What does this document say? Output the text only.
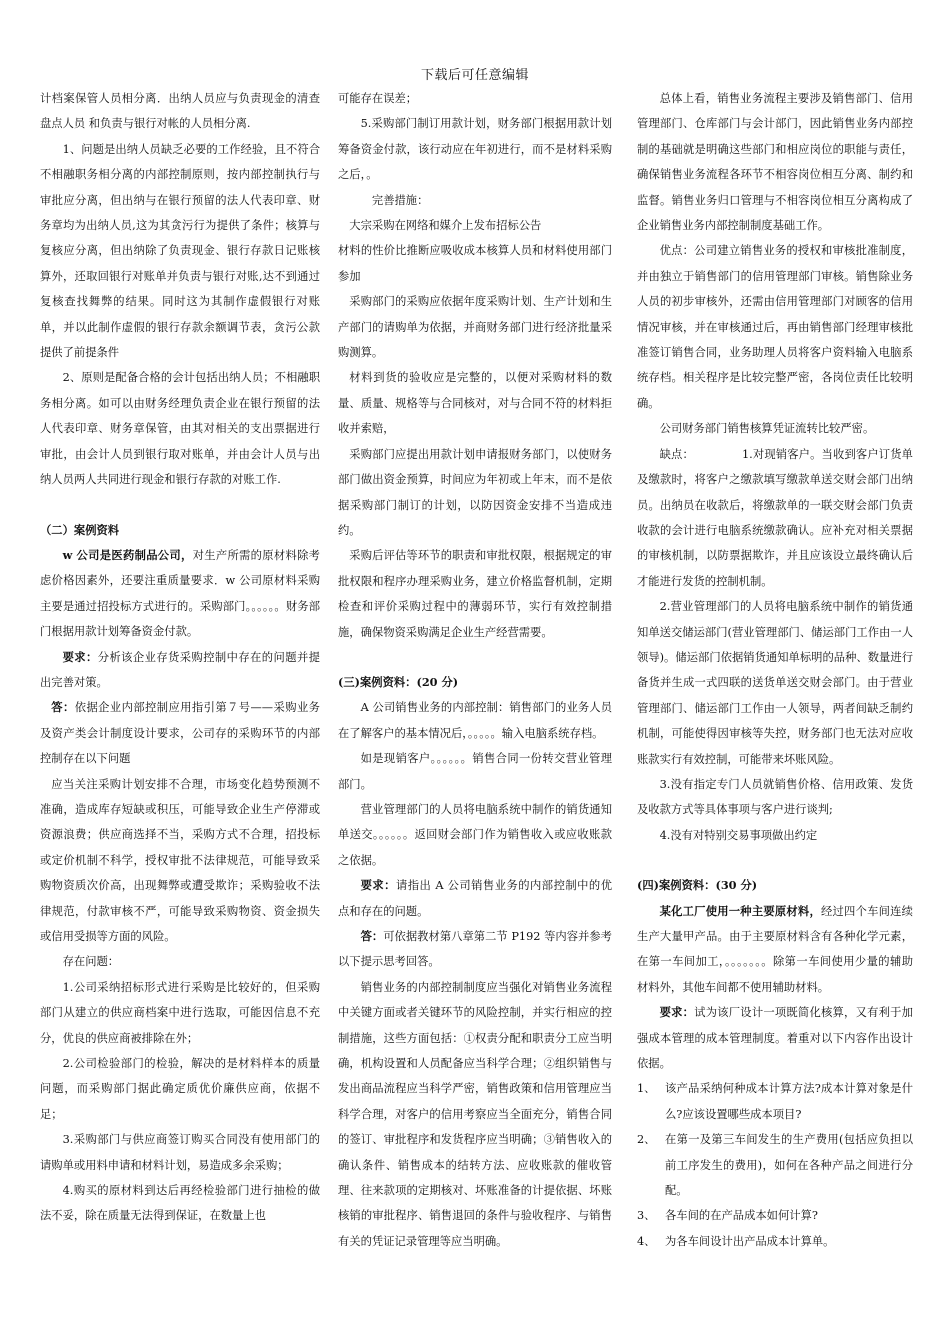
下载后可任意编辑

计档案保管人员相分离．出纳人员应与负责现金的清查盘点人员 和负责与银行对帐的人员相分离.

1、问题是出纳人员缺乏必要的工作经验，且不符合不相融职务相分离的内部控制原则，按内部控制执行与审批应分离，但出纳与在银行预留的法人代表印章、财务章均为出纳人员,这为其贪污行为提供了条件；核算与复核应分离，但出纳除了负责现金、银行存款日记账核算外，还取回银行对账单并负责与银行对账,达不到通过复核查找舞弊的结果。同时这为其制作虚假银行对账单，并以此制作虚假的银行存款余额调节表，贪污公款提供了前提条件

2、原则是配备合格的会计包括出纳人员；不相融职务相分离。如可以由财务经理负责企业在银行预留的法人代表印章、财务章保管，由其对相关的支出票据进行审批，由会计人员到银行取对账单，并由会计人员与出纳人员两人共同进行现金和银行存款的对账工作.

（二）案例资料

w 公司是医药制品公司，对生产所需的原材料除考虑价格因素外，还要注重质量要求．w 公司原材料采购主要是通过招投标方式进行的。采购部门。。。。。。财务部门根据用款计划筹备资金付款。

要求：分析该企业存货采购控制中存在的问题并提出完善对策。

答：依据企业内部控制应用指引第７号——采购业务及资产类会计制度设计要求，公司存的采购环节的内部控制存在以下问题

应当关注采购计划安排不合理，市场变化趋势预测不准确，造成库存短缺或积压，可能导致企业生产停滞或资源浪费；供应商选择不当，采购方式不合理，招投标或定价机制不科学，授权审批不法律规范，可能导致采购物资质次价高，出现舞弊或遭受欺诈；采购验收不法律规范，付款审核不严，可能导致采购物资、资金损失或信用受损等方面的风险。

存在问题：

1.公司采纳招标形式进行采购是比较好的，但采购部门从建立的供应商档案中进行选取，可能因信息不充分，优良的供应商被排除在外；

2.公司检验部门的检验，解决的是材料样本的质量问题，而采购部门据此确定质优价廉供应商，依据不足；

3.采购部门与供应商签订购买合同没有使用部门的请购单或用料申请和材料计划，易造成多余采购；

4.购买的原材料到达后再经检验部门进行抽检的做法不妥，除在质量无法得到保证，在数量上也

可能存在误差；

5.采购部门制订用款计划，财务部门根据用款计划筹备资金付款，该行动应在年初进行，而不是材料采购之后，。

完善措施：

大宗采购在网络和媒介上发布招标公告

材料的性价比推断应吸收成本核算人员和材料使用部门参加

采购部门的采购应依据年度采购计划、生产计划和生产部门的请购单为依据，并商财务部门进行经济批量采购测算。

材料到货的验收应是完整的，以便对采购材料的数量、质量、规格等与合同核对，对与合同不符的材料拒收并索赔，

采购部门应提出用款计划申请报财务部门，以使财务部门做出资金预算，时间应为年初或上年末，而不是依据采购部门制订的计划，以防因资金安排不当造成违约。

采购后评估等环节的职责和审批权限，根据规定的审批权限和程序办理采购业务，建立价格监督机制，定期检查和评价采购过程中的薄弱环节，实行有效控制措施，确保物资采购满足企业生产经营需要。

(三)案例资料：(20 分)

A 公司销售业务的内部控制：销售部门的业务人员在了解客户的基本情况后，。。。。。输入电脑系统存档。

如是现销客户。。。。。。销售合同一份转交营业管理部门。

营业管理部门的人员将电脑系统中制作的销货通知单送交。。。。。。返回财会部门作为销售收入或应收账款之依据。

要求：请指出 A 公司销售业务的内部控制中的优点和存在的问题。

答：可依据教材第八章第二节 P192 等内容并参考以下提示思考回答。

销售业务的内部控制制度应当强化对销售业务流程中关键方面或者关键环节的风险控制，并实行相应的控制措施，这些方面包括：①权责分配和职责分工应当明确，机构设置和人员配备应当科学合理；②组织销售与发出商品流程应当科学严密，销售政策和信用管理应当科学合理，对客户的信用考察应当全面充分，销售合同的签订、审批程序和发货程序应当明确；③销售收入的确认条件、销售成本的结转方法、应收账款的催收管理、往来款项的定期核对、坏账准备的计提依据、坏账核销的审批程序、销售退回的条件与验收程序、与销售有关的凭证记录管理等应当明确。

总体上看，销售业务流程主要涉及销售部门、信用管理部门、仓库部门与会计部门，因此销售业务内部控制的基础就是明确这些部门和相应岗位的职能与责任，确保销售业务流程各环节不相容岗位相互分离、制约和监督。销售业务归口管理与不相容岗位相互分离构成了企业销售业务内部控制制度基础工作。

优点：公司建立销售业务的授权和审核批准制度，并由独立于销售部门的信用管理部门审核。销售除业务人员的初步审核外，还需由信用管理部门对顾客的信用情况审核，并在审核通过后，再由销售部门经理审核批准签订销售合同，业务助理人员将客户资料输入电脑系统存档。相关程序是比较完整严密，各岗位责任比较明确。

公司财务部门销售核算凭证流转比较严密。

缺点：	1.对现销客户。当收到客户订货单及缴款时，将客户之缴款填写缴款单送交财会部门出纳员。出纳员在收款后，将缴款单的一联交财会部门负责收款的会计进行电脑系统缴款确认。应补充对相关票据的审核机制，以防票据欺诈，并且应该设立最终确认后才能进行发货的控制机制。

2.营业管理部门的人员将电脑系统中制作的销货通知单送交储运部门(营业管理部门、储运部门工作由一人领导)。储运部门依据销货通知单标明的品种、数量进行备货并生成一式四联的送货单送交财会部门。由于营业管理部门、储运部门工作由一人领导，两者间缺乏制约机制，可能使得因审核等失控，财务部门也无法对应收账款实行有效控制，可能带来坏账风险。

3.没有指定专门人员就销售价格、信用政策、发货及收款方式等具体事项与客户进行谈判;

4.没有对特别交易事项做出约定

(四)案例资料：(30 分)

某化工厂使用一种主要原材料，经过四个车间连续生产大量甲产品。由于主要原材料含有各种化学元素，在第一车间加工，。。。。。。。除第一车间使用少量的辅助材料外，其他车间都不使用辅助材料。

要求：试为该厂设计一项既简化核算，又有利于加强成本管理的成本管理制度。着重对以下内容作出设计依据。

1、 该产品采纳何种成本计算方法?成本计算对象是什么?应该设置哪些成本项目?
2、 在第一及第三车间发生的生产费用(包括应负担以前工序发生的费用)，如何在各种产品之间进行分配。
3、 各车间的在产品成本如何计算?
4、 为各车间设计出产品成本计算单。
